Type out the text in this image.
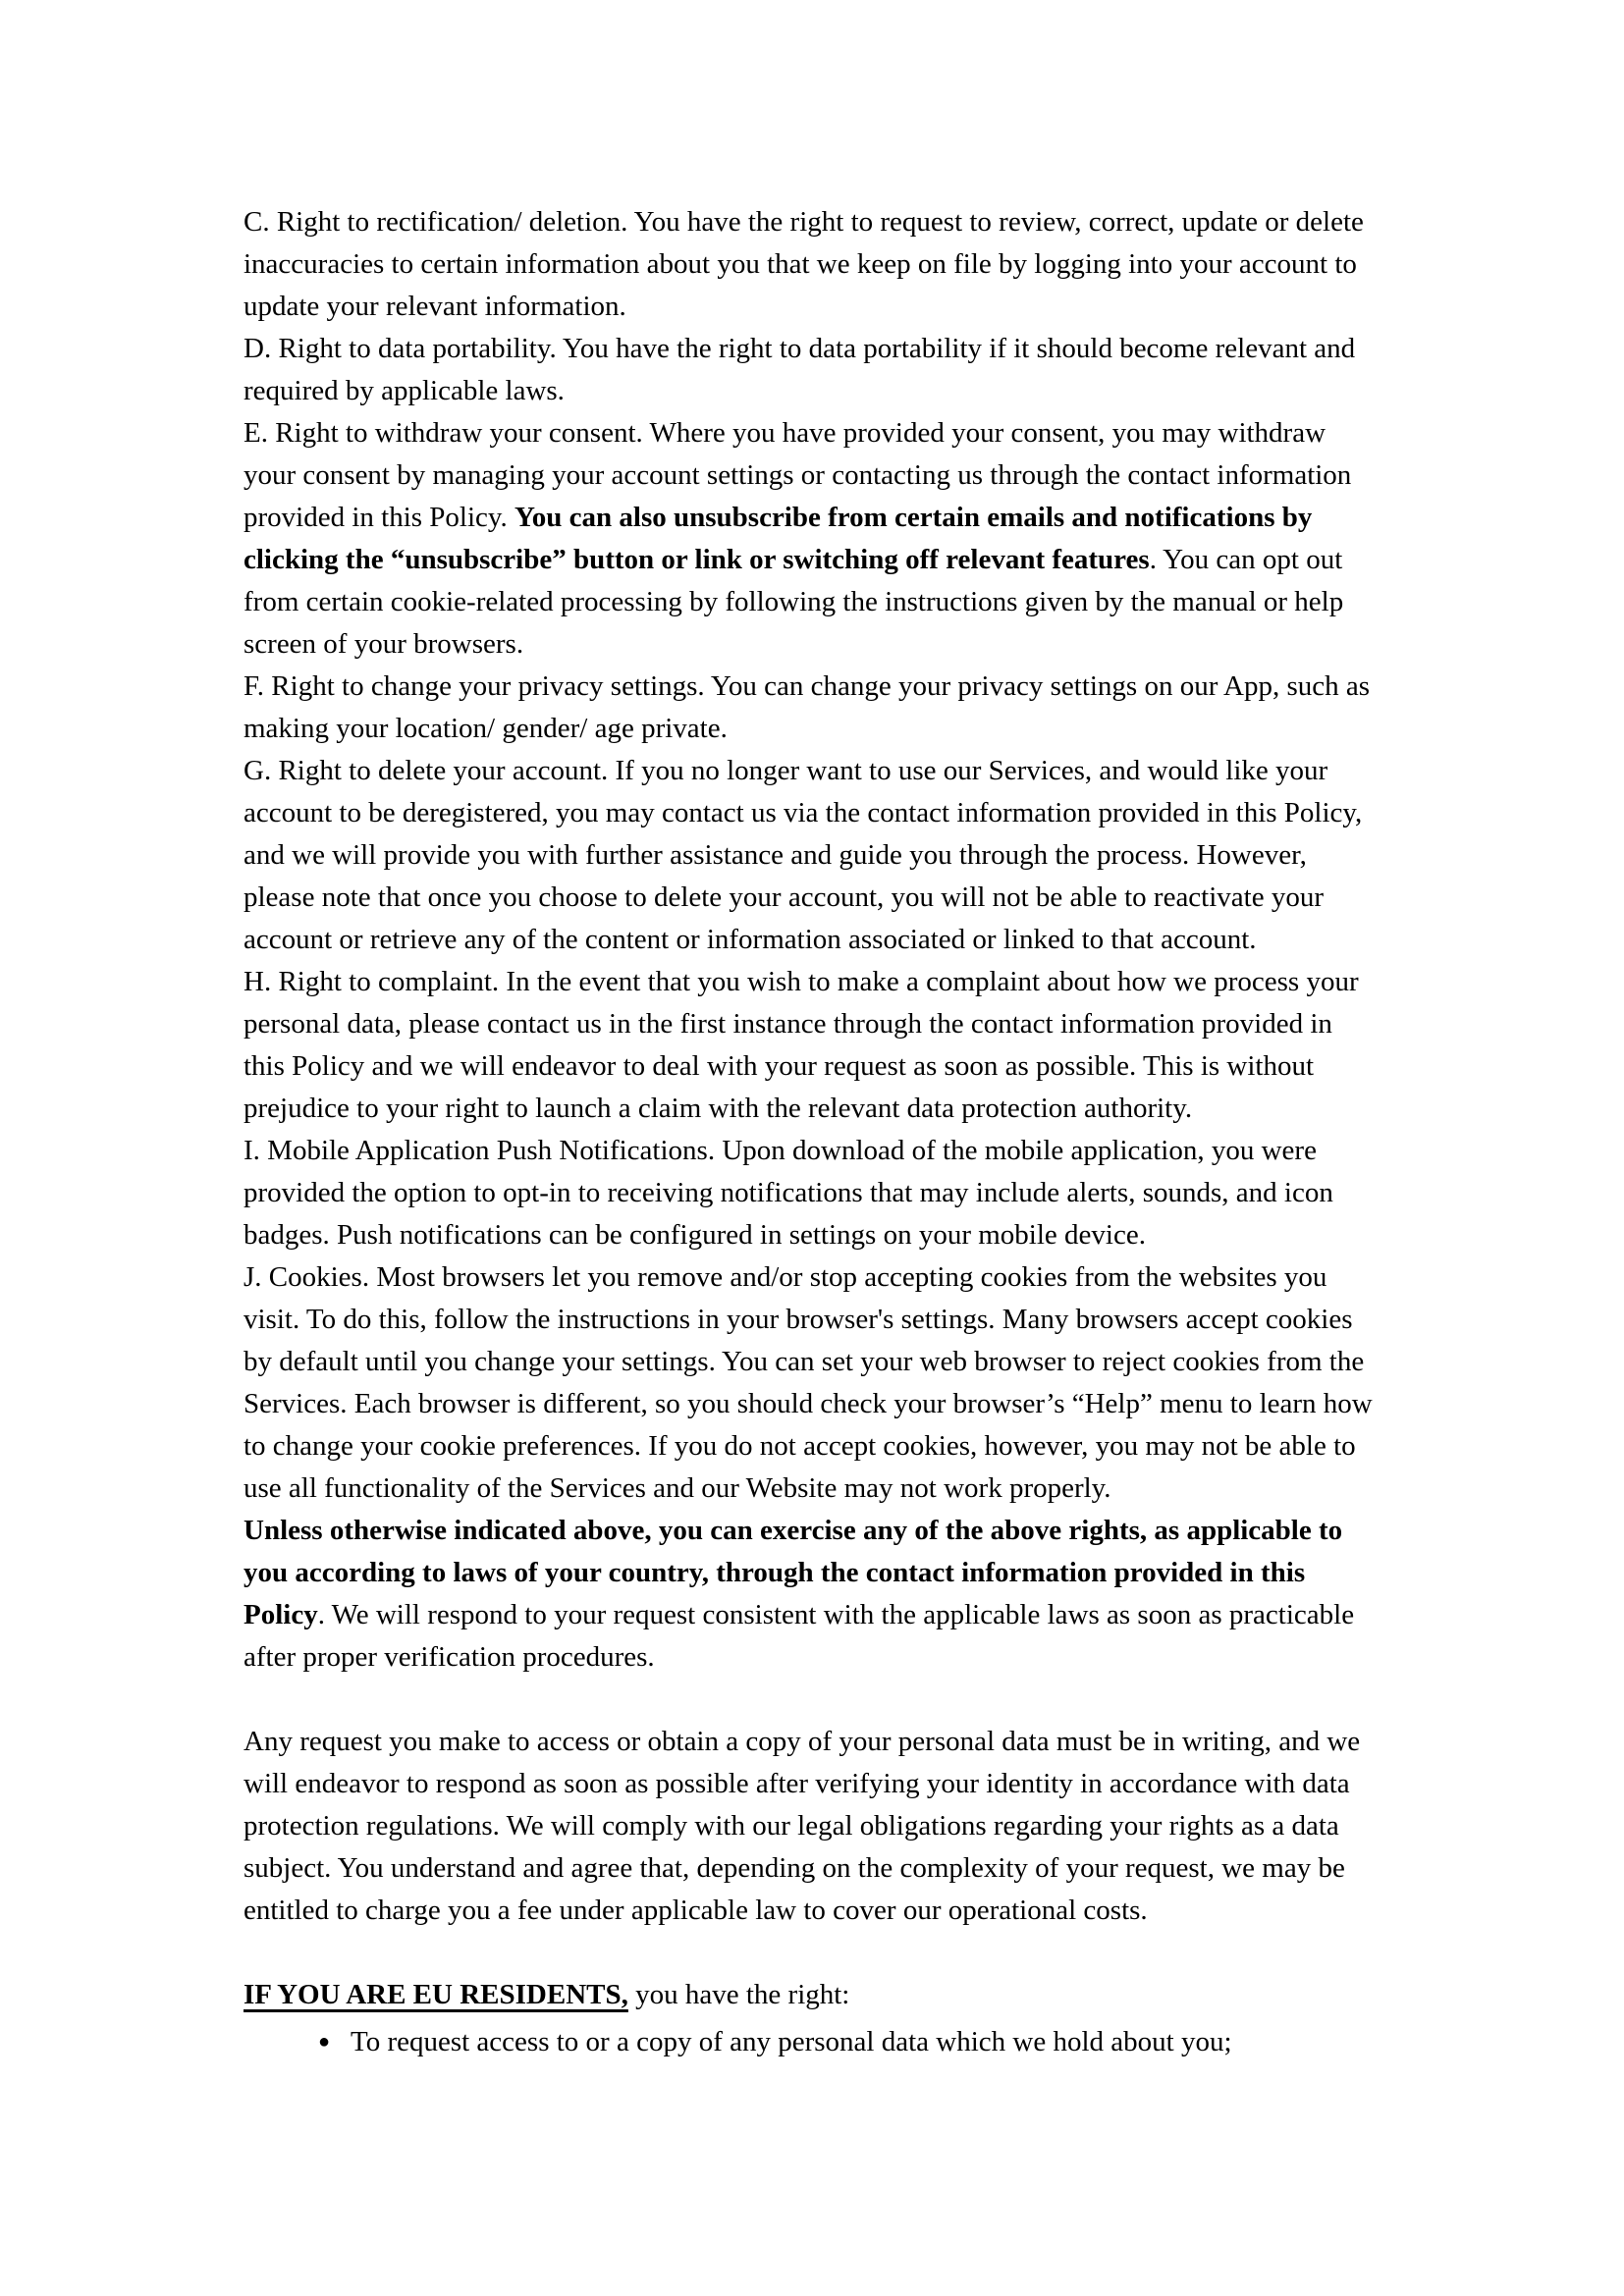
C. Right to rectification/ deletion. You have the right to request to review, correct, update or delete inaccuracies to certain information about you that we keep on file by logging into your account to update your relevant information.

D. Right to data portability. You have the right to data portability if it should become relevant and required by applicable laws.

E. Right to withdraw your consent. Where you have provided your consent, you may withdraw your consent by managing your account settings or contacting us through the contact information provided in this Policy. You can also unsubscribe from certain emails and notifications by clicking the “unsubscribe” button or link or switching off relevant features. You can opt out from certain cookie-related processing by following the instructions given by the manual or help screen of your browsers.

F. Right to change your privacy settings. You can change your privacy settings on our App, such as making your location/ gender/ age private.

G. Right to delete your account. If you no longer want to use our Services, and would like your account to be deregistered, you may contact us via the contact information provided in this Policy, and we will provide you with further assistance and guide you through the process. However, please note that once you choose to delete your account, you will not be able to reactivate your account or retrieve any of the content or information associated or linked to that account.

H. Right to complaint. In the event that you wish to make a complaint about how we process your personal data, please contact us in the first instance through the contact information provided in this Policy and we will endeavor to deal with your request as soon as possible. This is without prejudice to your right to launch a claim with the relevant data protection authority.

I. Mobile Application Push Notifications. Upon download of the mobile application, you were provided the option to opt-in to receiving notifications that may include alerts, sounds, and icon badges. Push notifications can be configured in settings on your mobile device.

J. Cookies. Most browsers let you remove and/or stop accepting cookies from the websites you visit. To do this, follow the instructions in your browser's settings. Many browsers accept cookies by default until you change your settings. You can set your web browser to reject cookies from the Services. Each browser is different, so you should check your browser’s “Help” menu to learn how to change your cookie preferences. If you do not accept cookies, however, you may not be able to use all functionality of the Services and our Website may not work properly.

Unless otherwise indicated above, you can exercise any of the above rights, as applicable to you according to laws of your country, through the contact information provided in this Policy. We will respond to your request consistent with the applicable laws as soon as practicable after proper verification procedures.

Any request you make to access or obtain a copy of your personal data must be in writing, and we will endeavor to respond as soon as possible after verifying your identity in accordance with data protection regulations. We will comply with our legal obligations regarding your rights as a data subject. You understand and agree that, depending on the complexity of your request, we may be entitled to charge you a fee under applicable law to cover our operational costs.

IF YOU ARE EU RESIDENTS, you have the right:

● To request access to or a copy of any personal data which we hold about you;
